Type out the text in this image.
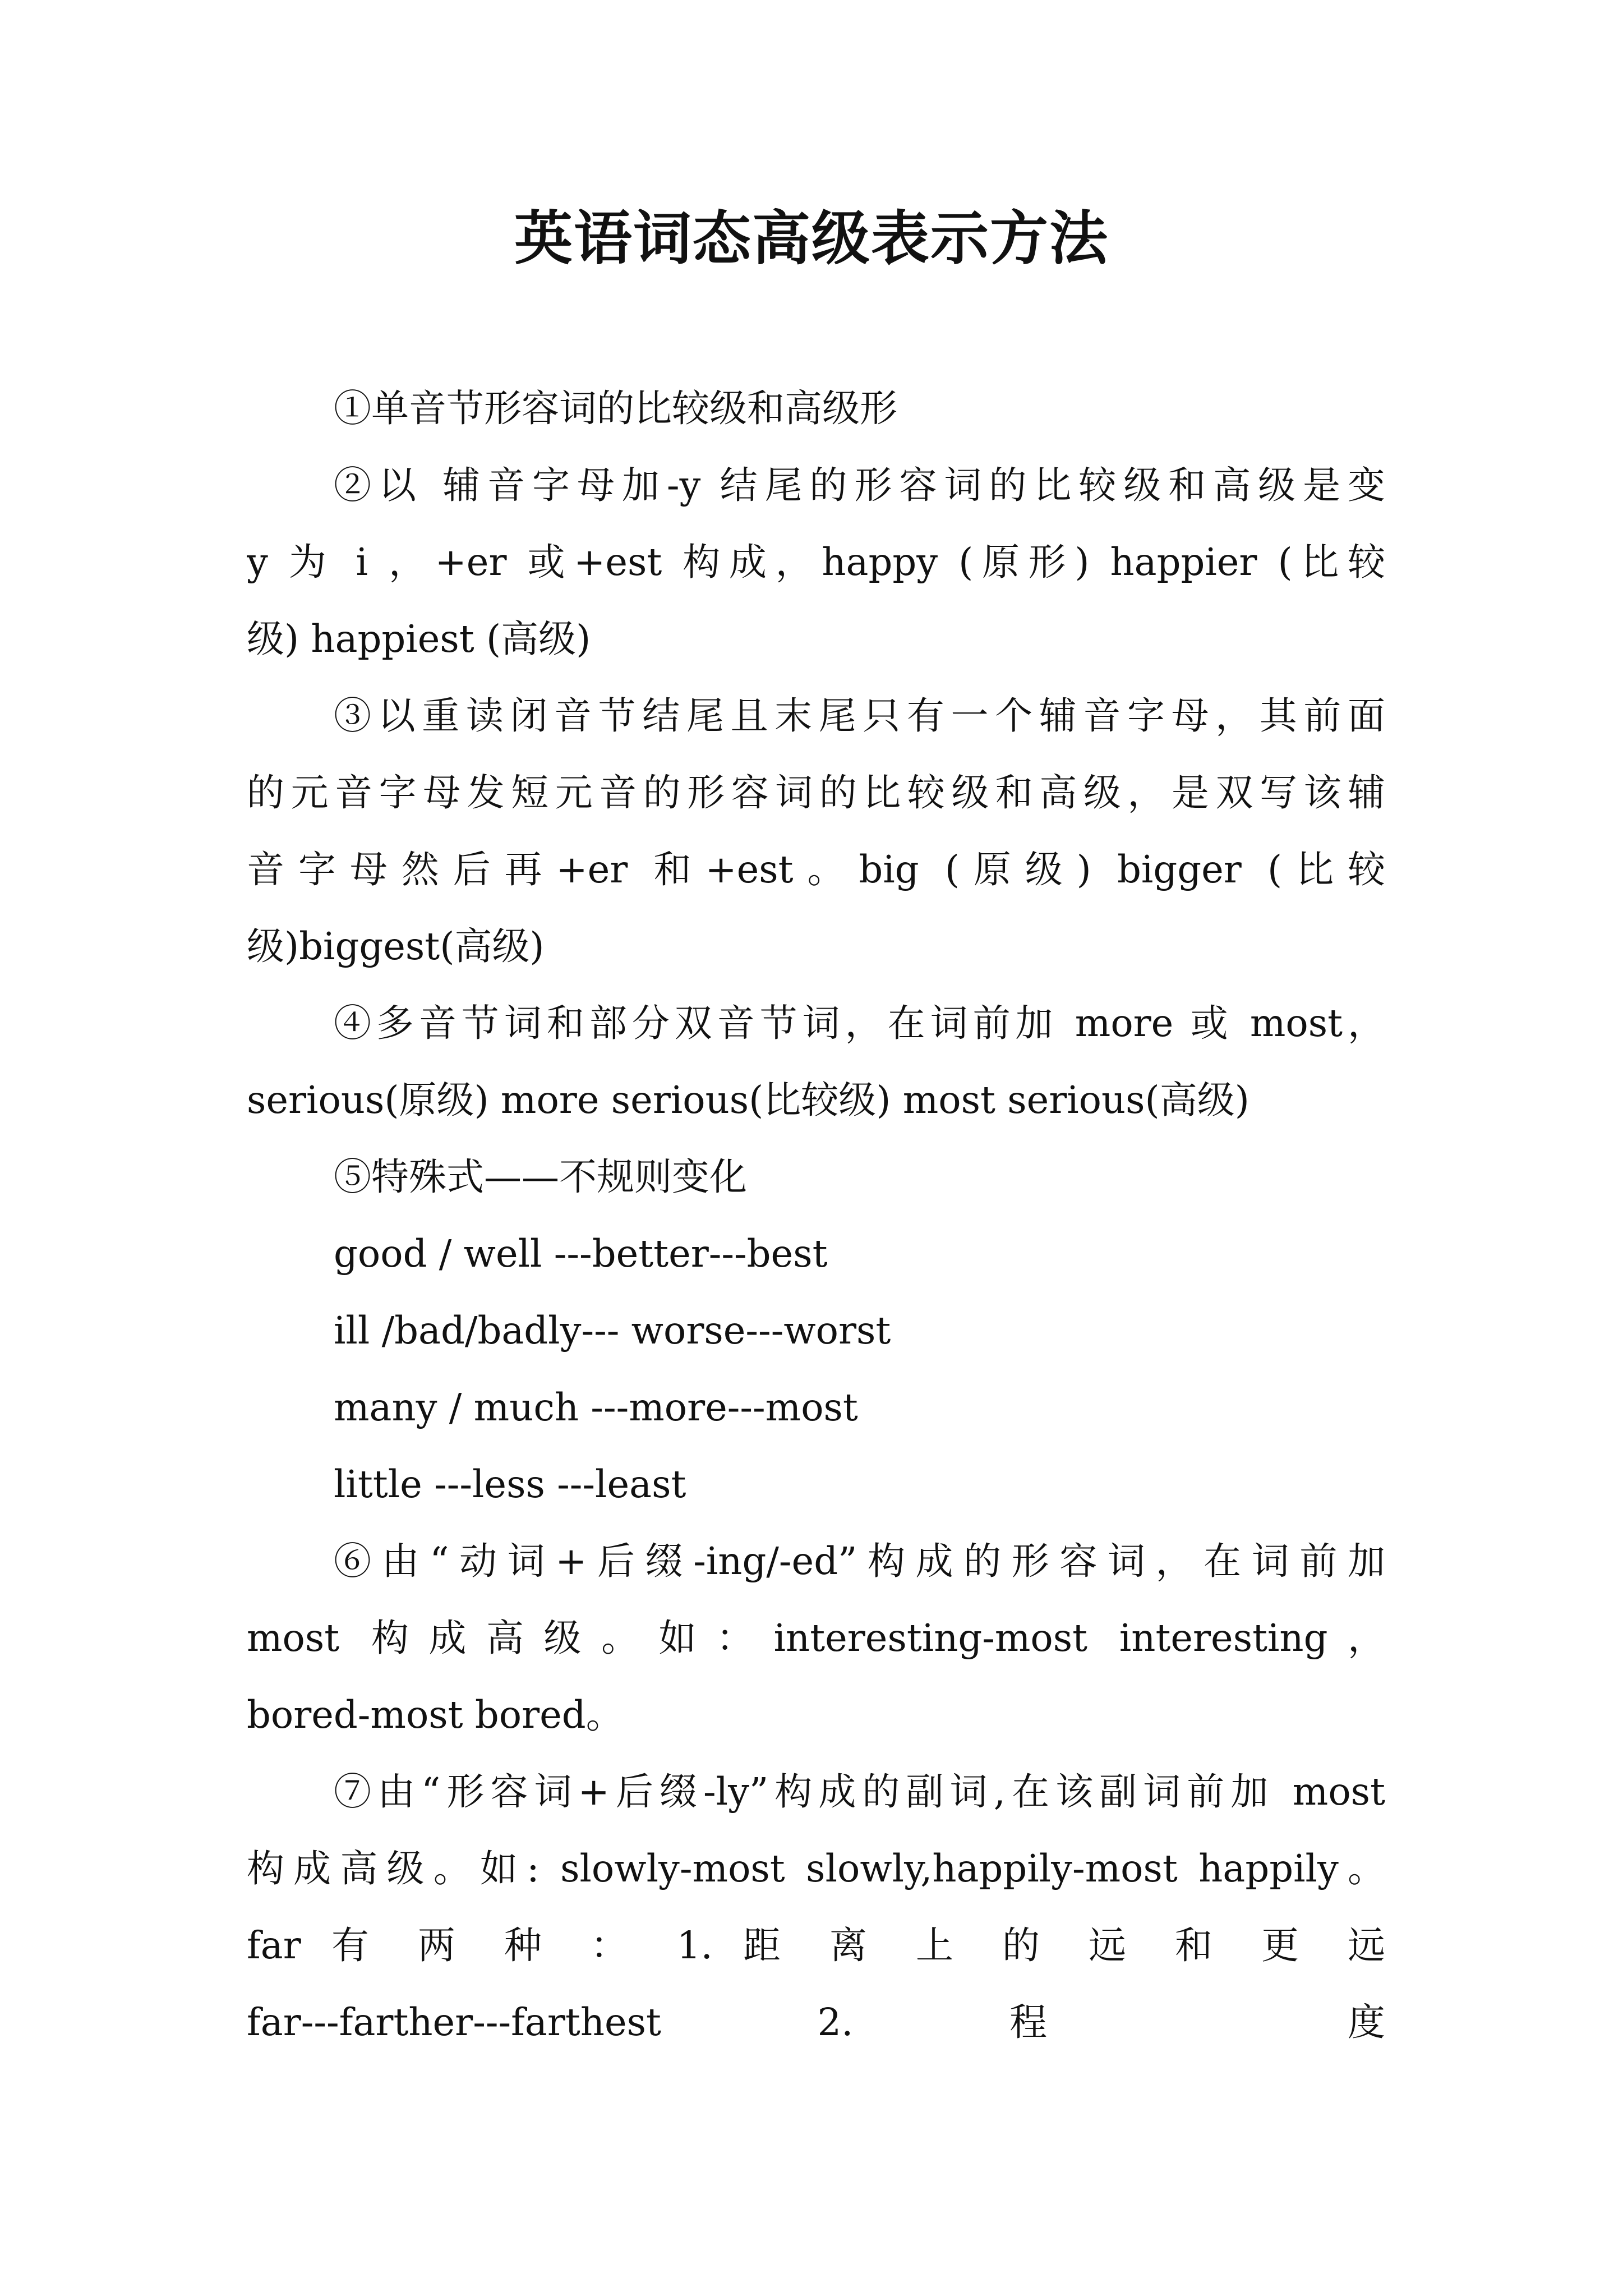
英语词态高级表示方法
①单音节形容词的比较级和高级形
②以 辅音字母加-y 结尾的形容词的比较级和高级是变
y 为 i ，+er 或+est 构成，happy (原形) happier (比较
级) happiest (高级)
③以重读闭音节结尾且末尾只有一个辅音字母，其前面
的元音字母发短元音的形容词的比较级和高级，是双写该辅
音字母然后再+er 和+est。big (原级) bigger (比较
级)biggest(高级)
④多音节词和部分双音节词，在词前加 more 或 most，
serious(原级) more serious(比较级) most serious(高级)
⑤特殊式——不规则变化
good / well ---better---best
ill /bad/badly--- worse---worst
many / much ---more---most
little ---less ---least
⑥由“动词+后缀-ing/-ed”构成的形容词，在词前加
most 构成高级。如：interesting-most interesting，
bored-most bored。
⑦由“形容词+后缀-ly”构成的副词,在该副词前加 most
构成高级。如: slowly-most slowly,happily-most happily。
far 有 两 种 ： 1. 距 离 上 的 远 和 更 远
far---farther---farthest 2. 程 度
